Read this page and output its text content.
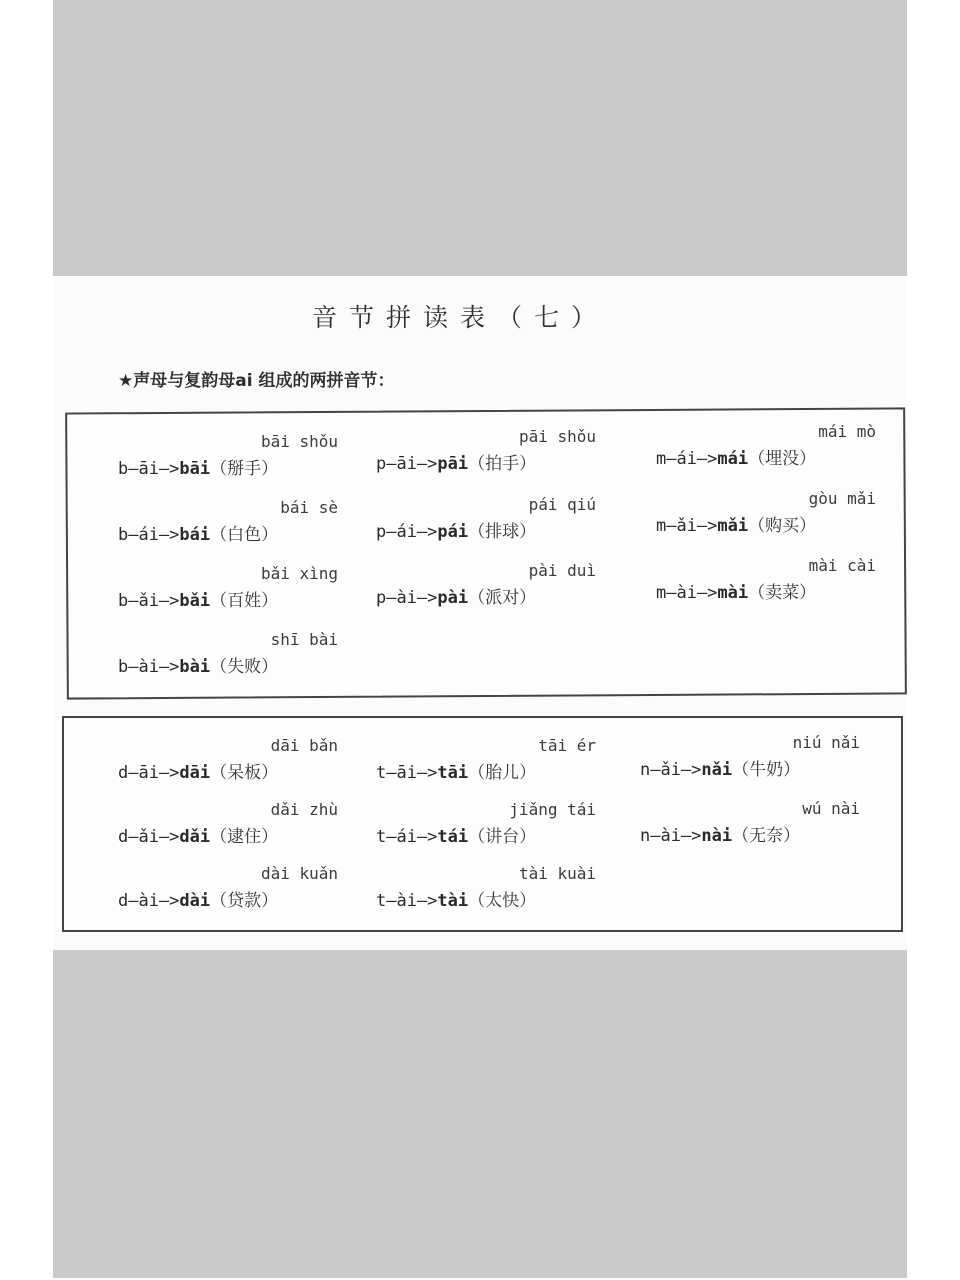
音节拼读表（七）
★声母与复韵母ai 组成的两拼音节：
bāi shǒu
b—āi—>bāi（掰手）
bái sè
b—ái—>bái（白色）
bǎi xìng
b—ǎi—>bǎi（百姓）
shī bài
b—ài—>bài（失败）
pāi shǒu
p—āi—>pāi（拍手）
pái qiú
p—ái—>pái（排球）
pài duì
p—ài—>pài（派对）
mái mò
m—ái—>mái（埋没）
gòu mǎi
m—ǎi—>mǎi（购买）
mài cài
m—ài—>mài（卖菜）
dāi bǎn
d—āi—>dāi（呆板）
dǎi zhù
d—ǎi—>dǎi（逮住）
dài kuǎn
d—ài—>dài（贷款）
tāi ér
t—āi—>tāi（胎儿）
jiǎng tái
t—ái—>tái（讲台）
tài kuài
t—ài—>tài（太快）
niú nǎi
n—ǎi—>nǎi（牛奶）
wú nài
n—ài—>nài（无奈）
